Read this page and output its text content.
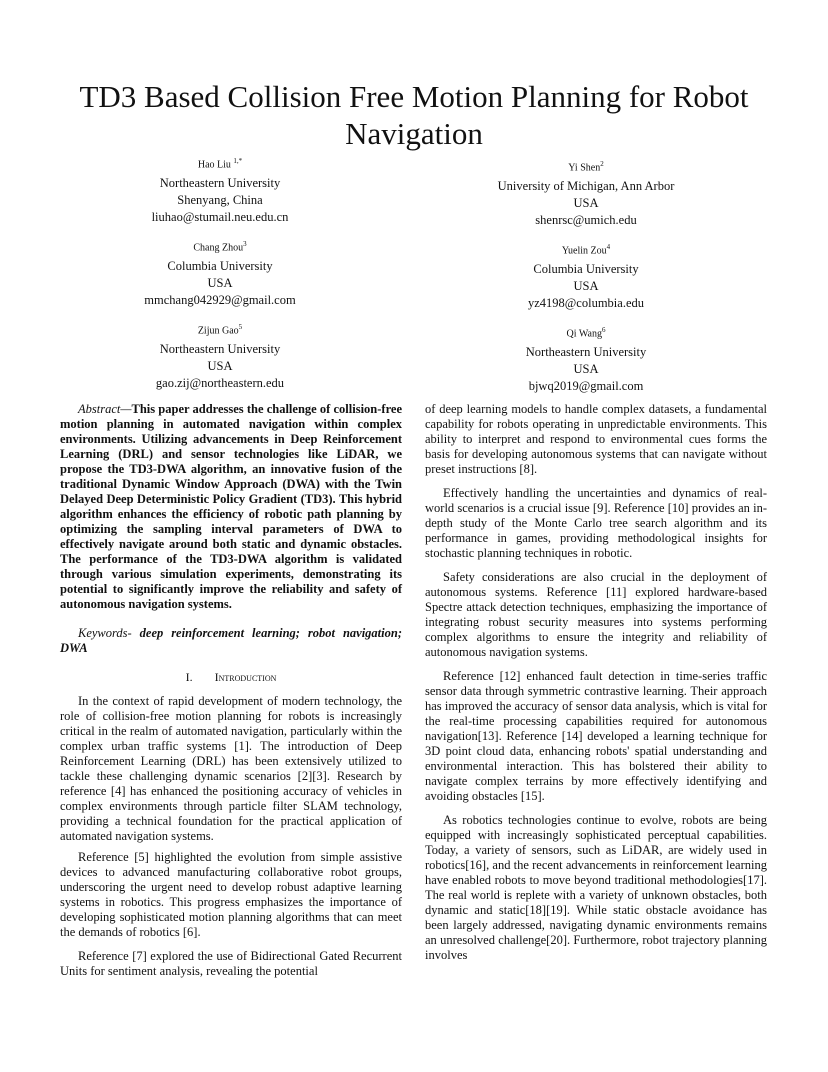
TD3 Based Collision Free Motion Planning for Robot Navigation
Hao Liu $^{1,*}$
Northeastern University
Shenyang, China
liuhao@stumail.neu.edu.cn
Yi Shen$^2$
University of Michigan, Ann Arbor
USA
shenrsc@umich.edu
Chang Zhou$^3$
Columbia University
USA
mmchang042929@gmail.com
Yuelin Zou$^4$
Columbia University
USA
yz4198@columbia.edu
Zijun Gao$^5$
Northeastern University
USA
gao.zij@northeastern.edu
Qi Wang$^6$
Northeastern University
USA
bjwq2019@gmail.com

Abstract—This paper addresses the challenge of collision-free motion planning in automated navigation within complex environments. Utilizing advancements in Deep Reinforcement Learning (DRL) and sensor technologies like LiDAR, we propose the TD3-DWA algorithm, an innovative fusion of the traditional Dynamic Window Approach (DWA) with the Twin Delayed Deep Deterministic Policy Gradient (TD3). This hybrid algorithm enhances the efficiency of robotic path planning by optimizing the sampling interval parameters of DWA to effectively navigate around both static and dynamic obstacles. The performance of the TD3-DWA algorithm is validated through various simulation experiments, demonstrating its potential to significantly improve the reliability and safety of autonomous navigation systems.

Keywords- deep reinforcement learning; robot navigation; DWA

I. Introduction

In the context of rapid development of modern technology, the role of collision-free motion planning for robots is increasingly critical in the realm of automated navigation, particularly within the complex urban traffic systems [1]. The introduction of Deep Reinforcement Learning (DRL) has been extensively utilized to tackle these challenging dynamic scenarios [2][3]. Research by reference [4] has enhanced the positioning accuracy of vehicles in complex environments through particle filter SLAM technology, providing a technical foundation for the practical application of automated navigation systems.

Reference [5] highlighted the evolution from simple assistive devices to advanced manufacturing collaborative robot groups, underscoring the urgent need to develop robust adaptive learning systems in robotics. This progress emphasizes the importance of developing sophisticated motion planning algorithms that can meet the demands of robotics [6].

Reference [7] explored the use of Bidirectional Gated Recurrent Units for sentiment analysis, revealing the potential

of deep learning models to handle complex datasets, a fundamental capability for robots operating in unpredictable environments. This ability to interpret and respond to environmental cues forms the basis for developing autonomous systems that can navigate without preset instructions [8].

Effectively handling the uncertainties and dynamics of real-world scenarios is a crucial issue [9]. Reference [10] provides an in-depth study of the Monte Carlo tree search algorithm and its performance in games, providing methodological insights for stochastic planning techniques in robotic.

Safety considerations are also crucial in the deployment of autonomous systems. Reference [11] explored hardware-based Spectre attack detection techniques, emphasizing the importance of integrating robust security measures into systems performing complex algorithms to ensure the integrity and reliability of autonomous navigation systems.

Reference [12] enhanced fault detection in time-series traffic sensor data through symmetric contrastive learning. Their approach has improved the accuracy of sensor data analysis, which is vital for the real-time processing capabilities required for autonomous navigation[13]. Reference [14] developed a learning technique for 3D point cloud data, enhancing robots' spatial understanding and environmental interaction. This has bolstered their ability to navigate complex terrains by more effectively identifying and avoiding obstacles [15].

As robotics technologies continue to evolve, robots are being equipped with increasingly sophisticated perceptual capabilities. Today, a variety of sensors, such as LiDAR, are widely used in robotics[16], and the recent advancements in reinforcement learning have enabled robots to move beyond traditional methodologies[17]. The real world is replete with a variety of unknown obstacles, both dynamic and static[18][19]. While static obstacle avoidance has been largely addressed, navigating dynamic environments remains an unresolved challenge[20]. Furthermore, robot trajectory planning involves
